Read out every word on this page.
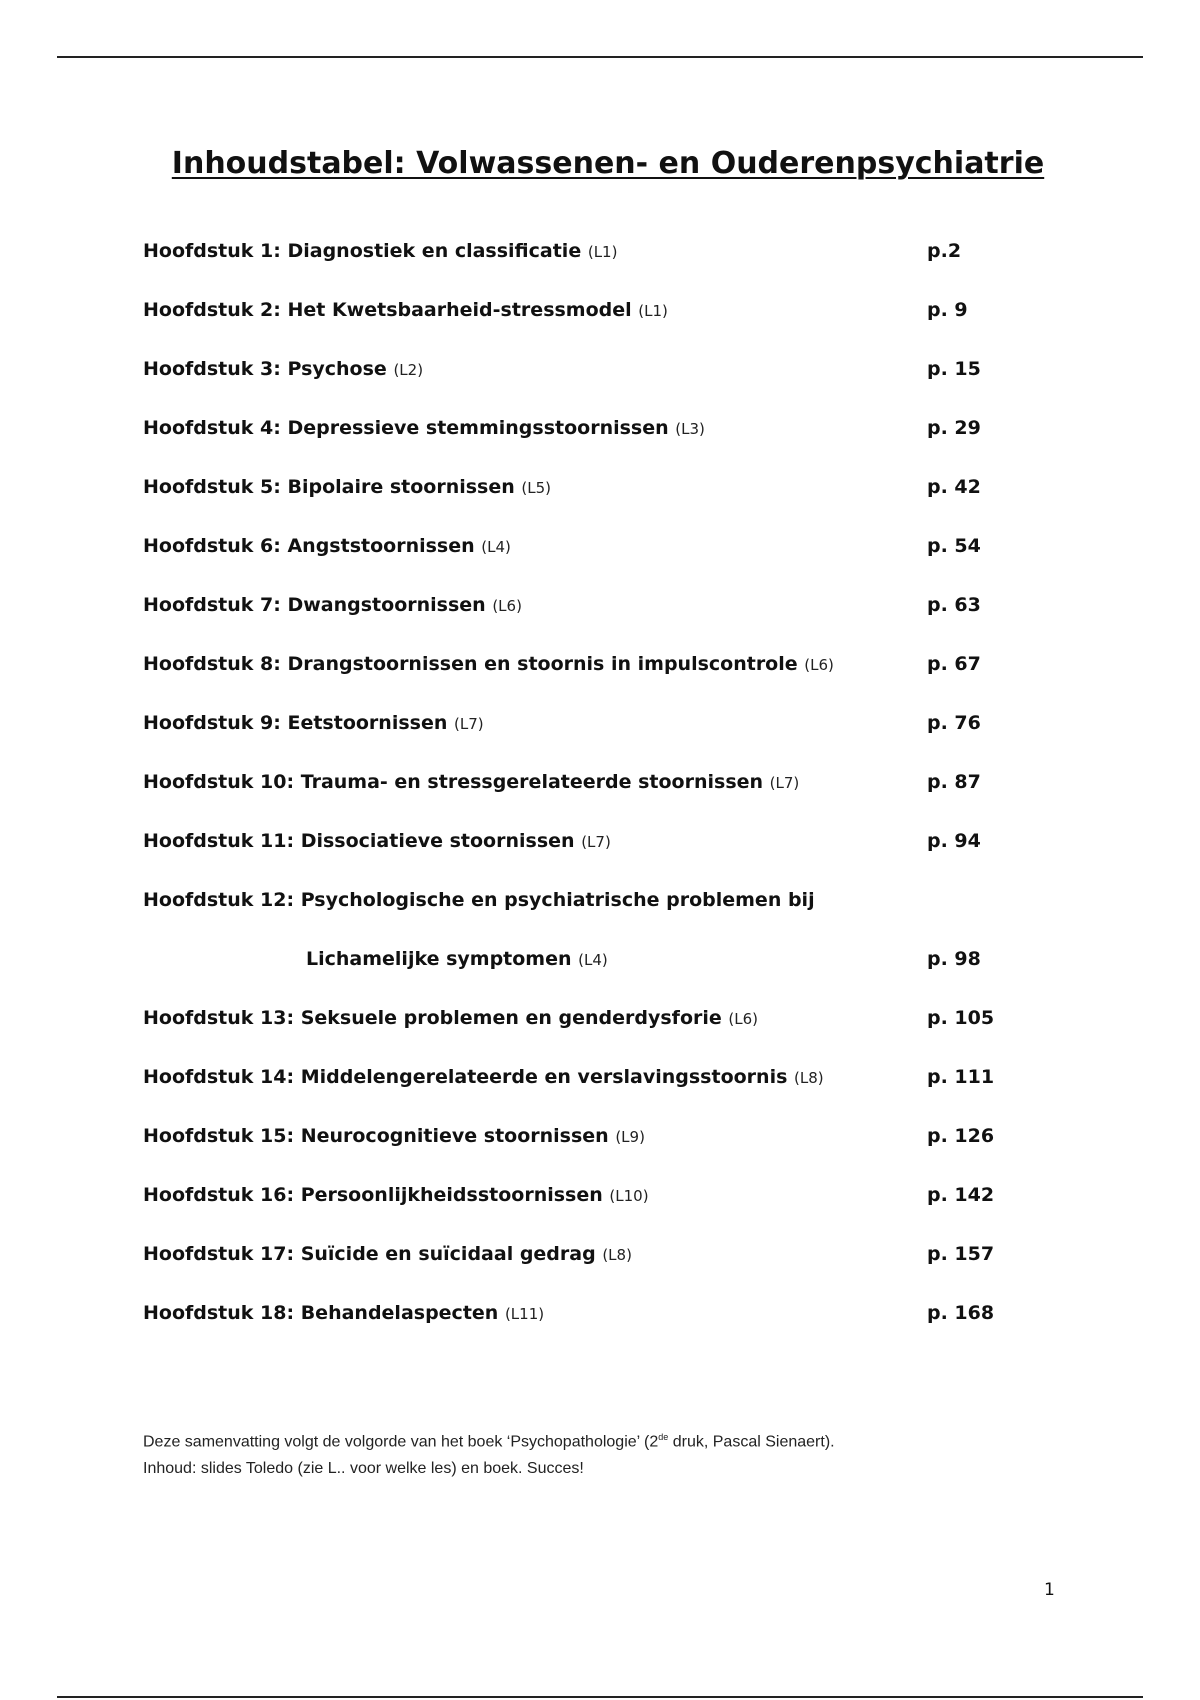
Inhoudstabel: Volwassenen- en Ouderenpsychiatrie
Hoofdstuk 1: Diagnostiek en classificatie (L1)	p.2
Hoofdstuk 2: Het Kwetsbaarheid-stressmodel (L1)	p. 9
Hoofdstuk 3: Psychose (L2)	p. 15
Hoofdstuk 4: Depressieve stemmingsstoornissen (L3)	p. 29
Hoofdstuk 5: Bipolaire stoornissen (L5)	p. 42
Hoofdstuk 6: Angststoornissen (L4)	p. 54
Hoofdstuk 7: Dwangstoornissen (L6)	p. 63
Hoofdstuk 8: Drangstoornissen en stoornis in impulscontrole (L6)	p. 67
Hoofdstuk 9: Eetstoornissen (L7)	p. 76
Hoofdstuk 10: Trauma- en stressgerelateerde stoornissen (L7)	p. 87
Hoofdstuk 11: Dissociatieve stoornissen (L7)	p. 94
Hoofdstuk 12: Psychologische en psychiatrische problemen bij
Lichamelijke symptomen (L4)	p. 98
Hoofdstuk 13: Seksuele problemen en genderdysforie (L6)	p. 105
Hoofdstuk 14: Middelengerelateerde en verslavingsstoornis (L8)	p. 111
Hoofdstuk 15: Neurocognitieve stoornissen (L9)	p. 126
Hoofdstuk 16: Persoonlijkheidsstoornissen (L10)	p. 142
Hoofdstuk 17: Suïcide en suïcidaal gedrag (L8)	p. 157
Hoofdstuk 18: Behandelaspecten (L11)	p. 168
Deze samenvatting volgt de volgorde van het boek ‘Psychopathologie’ (2de druk, Pascal Sienaert).
Inhoud: slides Toledo (zie L.. voor welke les) en boek. Succes!
1
